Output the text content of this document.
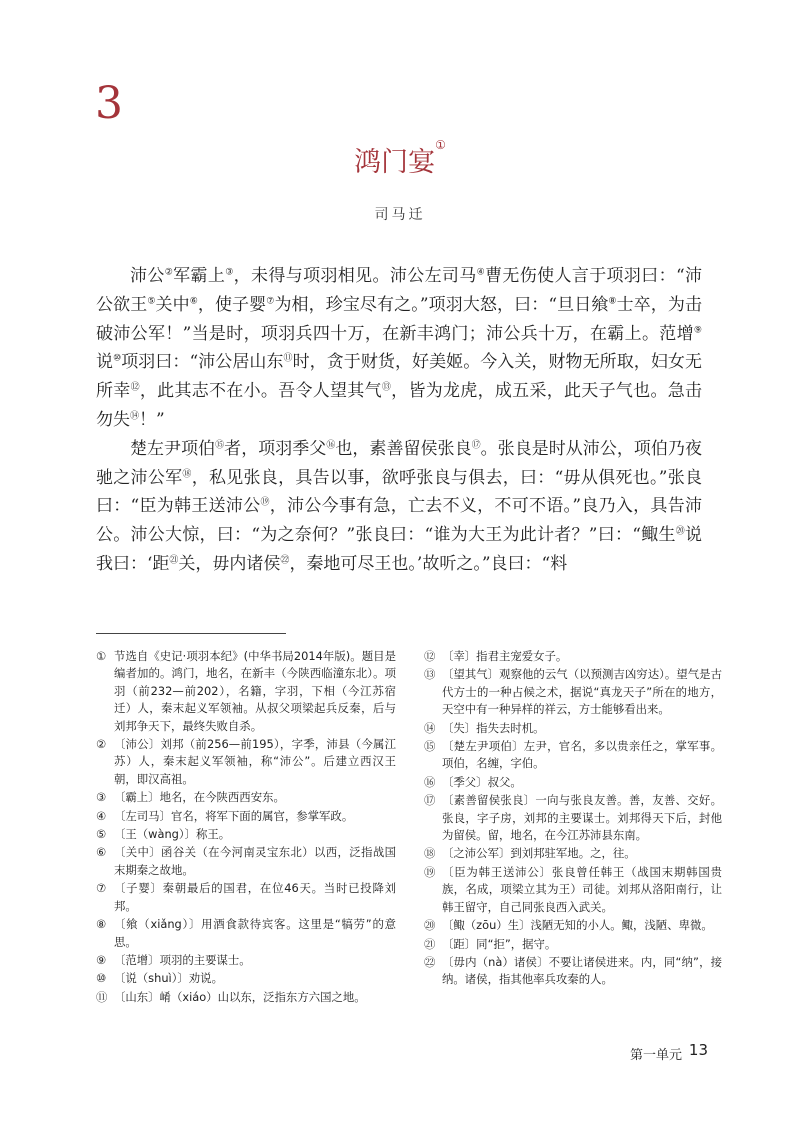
3
鸿门宴①
司马迁

沛公②军霸上③，未得与项羽相见。沛公左司马④曹无伤使人言于项羽曰：“沛公欲王⑤关中⑥，使子婴⑦为相，珍宝尽有之。”项羽大怒，曰：“旦日飨⑧士卒，为击破沛公军！”当是时，项羽兵四十万，在新丰鸿门；沛公兵十万，在霸上。范增⑨说⑩项羽曰：“沛公居山东⑪时，贪于财货，好美姬。今入关，财物无所取，妇女无所幸⑫，此其志不在小。吾令人望其气⑬，皆为龙虎，成五采，此天子气也。急击勿失⑭！”

楚左尹项伯⑮者，项羽季父⑯也，素善留侯张良⑰。张良是时从沛公，项伯乃夜驰之沛公军⑱，私见张良，具告以事，欲呼张良与俱去，曰：“毋从俱死也。”张良曰：“臣为韩王送沛公⑲，沛公今事有急，亡去不义，不可不语。”良乃入，具告沛公。沛公大惊，曰：“为之奈何？”张良曰：“谁为大王为此计者？”曰：“鲰生⑳说我曰：‘距$^㉑$关，毋内诸侯$^㉒$，秦地可尽王也。’故听之。”良曰：“料

① 节选自《史记·项羽本纪》(中华书局2014年版)。题目是编者加的。鸿门，地名，在新丰（今陕西临潼东北）。项羽（前232—前202），名籍，字羽，下相（今江苏宿迁）人，秦末起义军领袖。从叔父项梁起兵反秦，后与刘邦争天下，最终失败自杀。
② 〔沛公〕刘邦（前256—前195），字季，沛县（今属江苏）人，秦末起义军领袖，称“沛公”。后建立西汉王朝，即汉高祖。
③ 〔霸上〕地名，在今陕西西安东。
④ 〔左司马〕官名，将军下面的属官，参掌军政。
⑤ 〔王（wàng）〕称王。
⑥ 〔关中〕函谷关（在今河南灵宝东北）以西，泛指战国末期秦之故地。
⑦ 〔子婴〕秦朝最后的国君，在位46天。当时已投降刘邦。
⑧ 〔飨（xiǎng）〕用酒食款待宾客。这里是“犒劳”的意思。
⑨ 〔范增〕项羽的主要谋士。
⑩ 〔说（shuì）〕劝说。
⑪ 〔山东〕崤（xiáo）山以东，泛指东方六国之地。
⑫ 〔幸〕指君主宠爱女子。
⑬ 〔望其气〕观察他的云气（以预测吉凶穷达）。望气是古代方士的一种占候之术，据说“真龙天子”所在的地方，天空中有一种异样的祥云，方士能够看出来。
⑭ 〔失〕指失去时机。
⑮ 〔楚左尹项伯〕左尹，官名，多以贵亲任之，掌军事。项伯，名缠，字伯。
⑯ 〔季父〕叔父。
⑰ 〔素善留侯张良〕一向与张良友善。善，友善、交好。张良，字子房，刘邦的主要谋士。刘邦得天下后，封他为留侯。留，地名，在今江苏沛县东南。
⑱ 〔之沛公军〕到刘邦驻军地。之，往。
⑲ 〔臣为韩王送沛公〕张良曾任韩王（战国末期韩国贵族，名成，项梁立其为王）司徒。刘邦从洛阳南行，让韩王留守，自己同张良西入武关。
⑳ 〔鲰（zōu）生〕浅陋无知的小人。鲰，浅陋、卑微。
㉑ 〔距〕同“拒”，据守。
㉒ 〔毋内（nà）诸侯〕不要让诸侯进来。内，同“纳”，接纳。诸侯，指其他率兵攻秦的人。
第一单元 13
